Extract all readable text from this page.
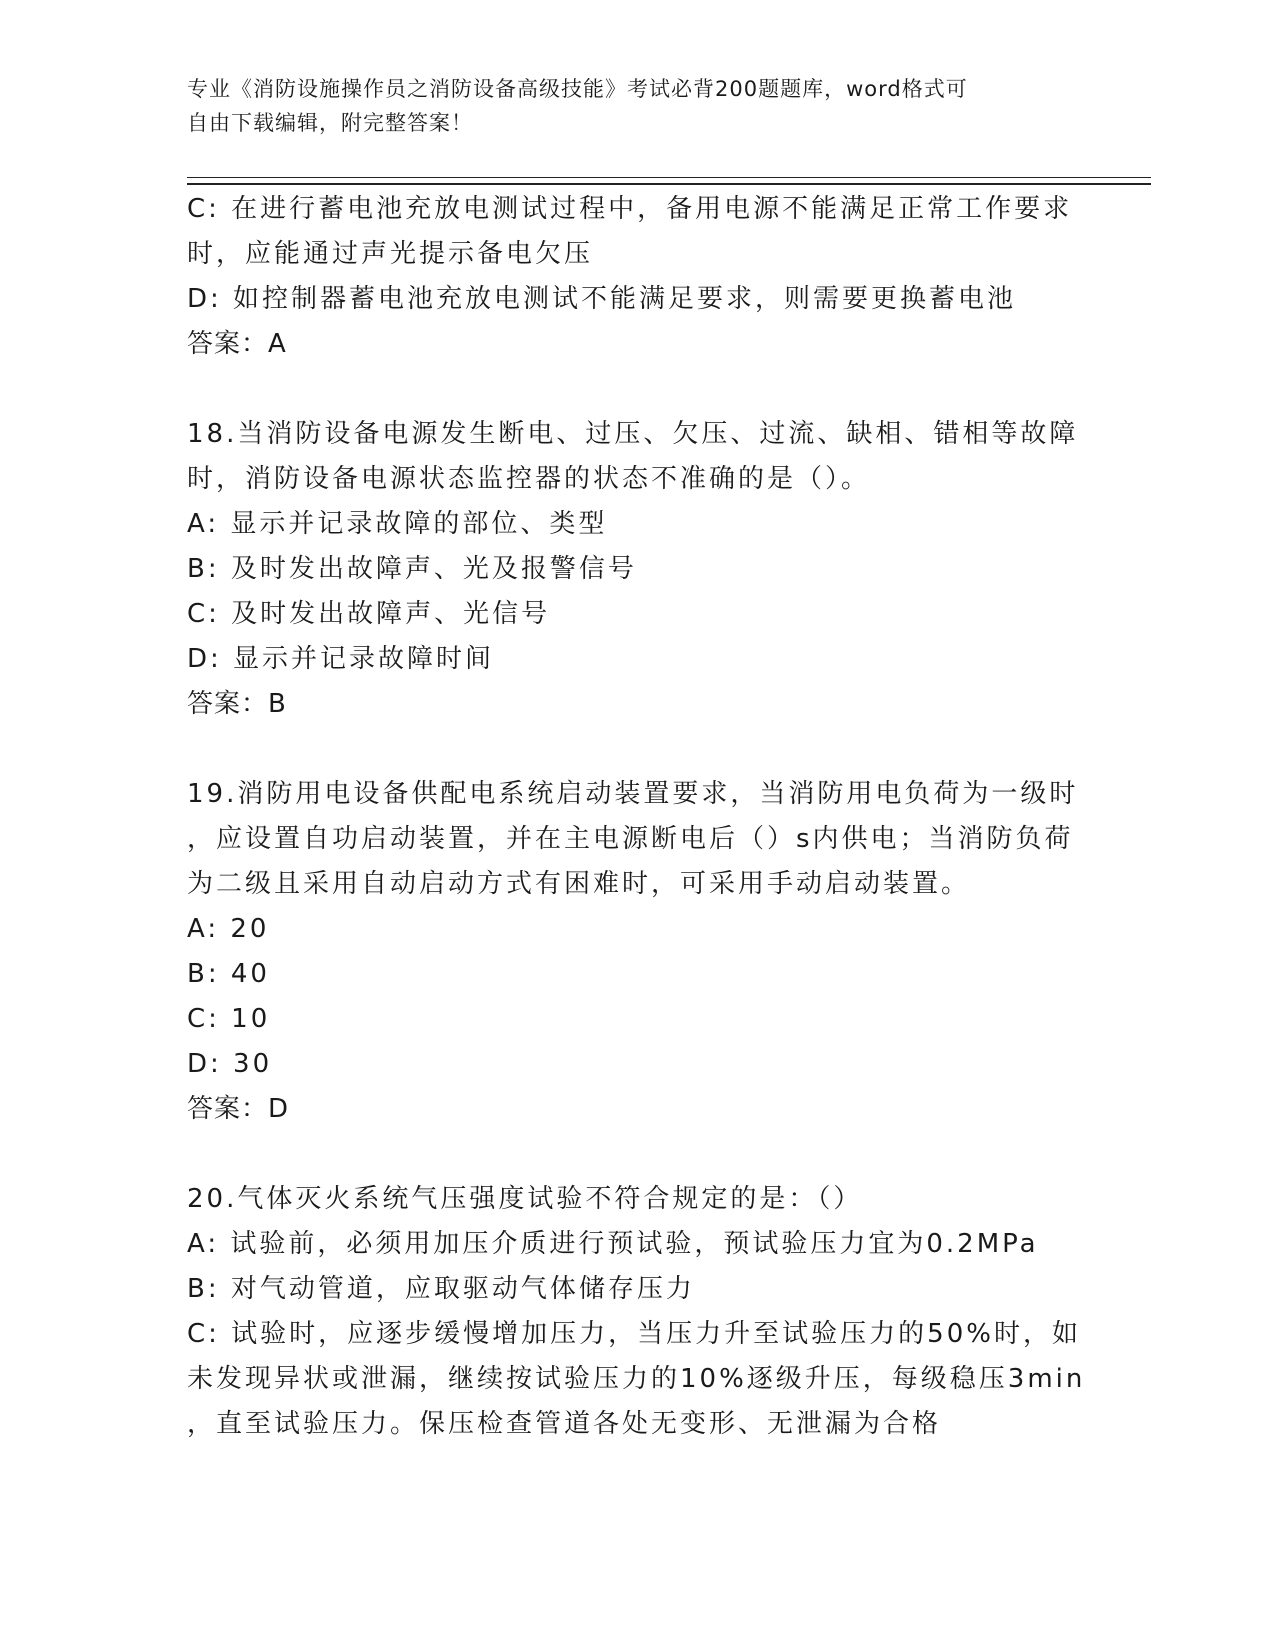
专业《消防设施操作员之消防设备高级技能》考试必背200题题库，word格式可
自由下载编辑，附完整答案！
C: 在进行蓄电池充放电测试过程中，备用电源不能满足正常工作要求
时，应能通过声光提示备电欠压
D: 如控制器蓄电池充放电测试不能满足要求，则需要更换蓄电池
答案：A
18.当消防设备电源发生断电、过压、欠压、过流、缺相、错相等故障
时，消防设备电源状态监控器的状态不准确的是（）。
A: 显示并记录故障的部位、类型
B: 及时发出故障声、光及报警信号
C: 及时发出故障声、光信号
D: 显示并记录故障时间
答案：B
19.消防用电设备供配电系统启动装置要求，当消防用电负荷为一级时
，应设置自功启动装置，并在主电源断电后（）s内供电；当消防负荷
为二级且采用自动启动方式有困难时，可采用手动启动装置。
A: 20
B: 40
C: 10
D: 30
答案：D
20.气体灭火系统气压强度试验不符合规定的是：（）
A: 试验前，必须用加压介质进行预试验，预试验压力宜为0.2MPa
B: 对气动管道，应取驱动气体储存压力
C: 试验时，应逐步缓慢增加压力，当压力升至试验压力的50%时，如
未发现异状或泄漏，继续按试验压力的10%逐级升压，每级稳压3min
，直至试验压力。保压检查管道各处无变形、无泄漏为合格
